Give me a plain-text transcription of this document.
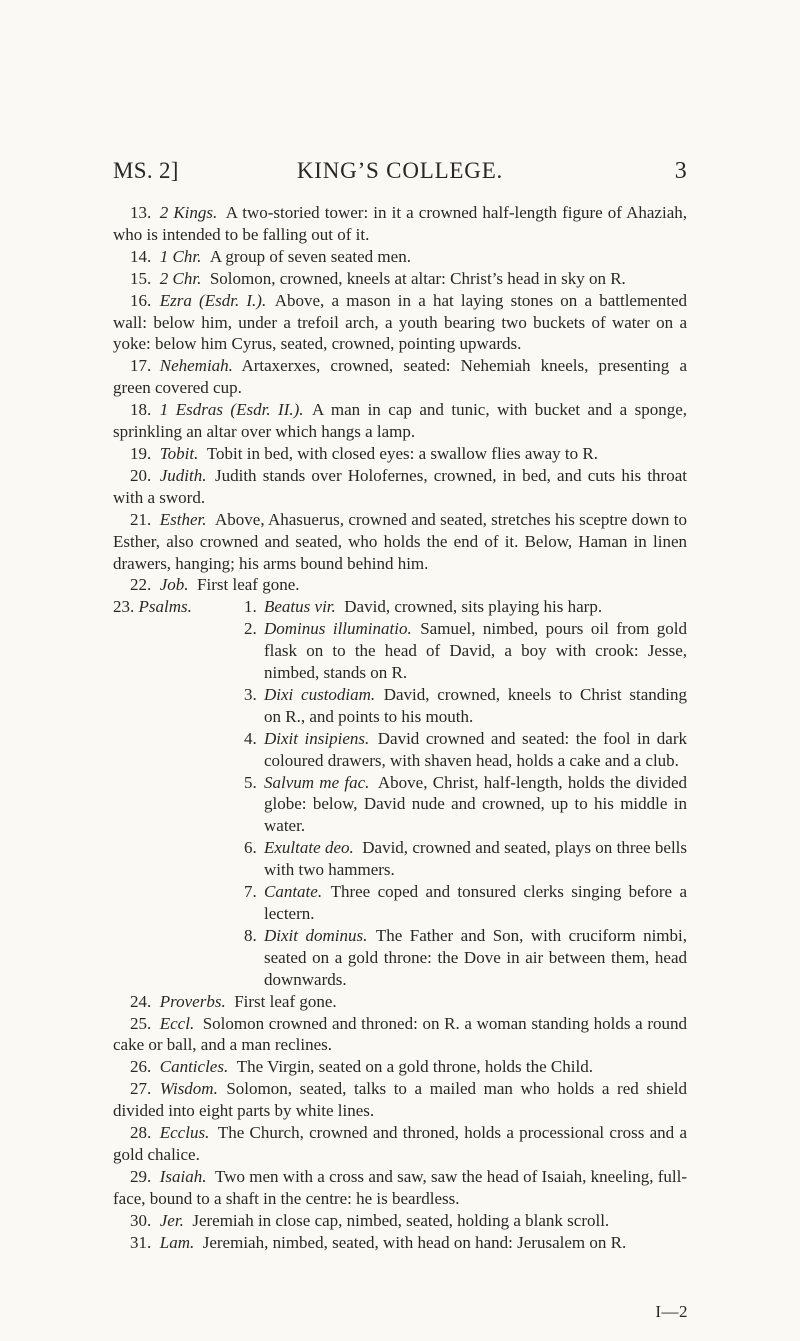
MS. 2]	KING’S COLLEGE.	3

13.  2 Kings.  A two-storied tower: in it a crowned half-length figure of Ahaziah, who is intended to be falling out of it.

14.  1 Chr.  A group of seven seated men.

15.  2 Chr.  Solomon, crowned, kneels at altar: Christ’s head in sky on R.

16.  Ezra (Esdr. I.).  Above, a mason in a hat laying stones on a battlemented wall: below him, under a trefoil arch, a youth bearing two buckets of water on a yoke: below him Cyrus, seated, crowned, pointing upwards.

17.  Nehemiah.  Artaxerxes, crowned, seated: Nehemiah kneels, presenting a green covered cup.

18.  1 Esdras (Esdr. II.).  A man in cap and tunic, with bucket and a sponge, sprinkling an altar over which hangs a lamp.

19.  Tobit.  Tobit in bed, with closed eyes: a swallow flies away to R.

20.  Judith.  Judith stands over Holofernes, crowned, in bed, and cuts his throat with a sword.

21.  Esther.  Above, Ahasuerus, crowned and seated, stretches his sceptre down to Esther, also crowned and seated, who holds the end of it. Below, Haman in linen drawers, hanging; his arms bound behind him.

22.  Job.  First leaf gone.

23. Psalms.	1. Beatus vir.  David, crowned, sits playing his harp.
2. Dominus illuminatio.  Samuel, nimbed, pours oil from gold flask on to the head of David, a boy with crook: Jesse, nimbed, stands on R.
3. Dixi custodiam.  David, crowned, kneels to Christ standing on R., and points to his mouth.
4. Dixit insipiens.  David crowned and seated: the fool in dark coloured drawers, with shaven head, holds a cake and a club.
5. Salvum me fac.  Above, Christ, half-length, holds the divided globe: below, David nude and crowned, up to his middle in water.
6. Exultate deo.  David, crowned and seated, plays on three bells with two hammers.
7. Cantate.  Three coped and tonsured clerks singing before a lectern.
8. Dixit dominus.  The Father and Son, with cruciform nimbi, seated on a gold throne: the Dove in air between them, head downwards.

24.  Proverbs.  First leaf gone.

25.  Eccl.  Solomon crowned and throned: on R. a woman standing holds a round cake or ball, and a man reclines.

26.  Canticles.  The Virgin, seated on a gold throne, holds the Child.

27.  Wisdom.  Solomon, seated, talks to a mailed man who holds a red shield divided into eight parts by white lines.

28.  Ecclus.  The Church, crowned and throned, holds a processional cross and a gold chalice.

29.  Isaiah.  Two men with a cross and saw, saw the head of Isaiah, kneeling, full-face, bound to a shaft in the centre: he is beardless.

30.  Jer.  Jeremiah in close cap, nimbed, seated, holding a blank scroll.

31.  Lam.  Jeremiah, nimbed, seated, with head on hand: Jerusalem on R.

I—2
